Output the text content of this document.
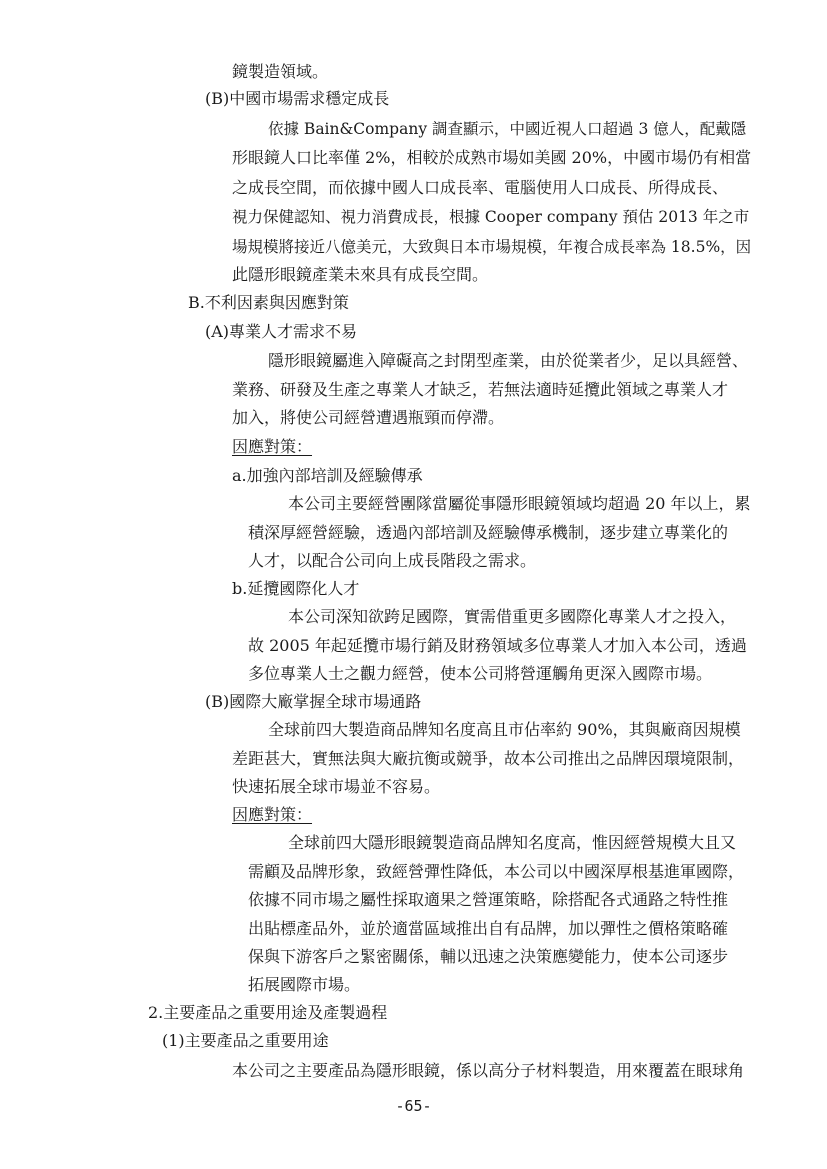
鏡製造領域。
(B)中國市場需求穩定成長
依據 Bain&Company 調查顯示，中國近視人口超過 3 億人，配戴隱
形眼鏡人口比率僅 2%，相較於成熟市場如美國 20%，中國市場仍有相當
之成長空間，而依據中國人口成長率、電腦使用人口成長、所得成長、
視力保健認知、視力消費成長，根據 Cooper company 預估 2013 年之市
場規模將接近八億美元，大致與日本市場規模，年複合成長率為 18.5%，因
此隱形眼鏡產業未來具有成長空間。
B.不利因素與因應對策
(A)專業人才需求不易
隱形眼鏡屬進入障礙高之封閉型產業，由於從業者少，足以具經營、
業務、研發及生產之專業人才缺乏，若無法適時延攬此領域之專業人才
加入，將使公司經營遭遇瓶頸而停滯。
因應對策：
a.加強內部培訓及經驗傳承
本公司主要經營團隊當屬從事隱形眼鏡領域均超過 20 年以上，累
積深厚經營經驗，透過內部培訓及經驗傳承機制，逐步建立專業化的
人才，以配合公司向上成長階段之需求。
b.延攬國際化人才
本公司深知欲跨足國際，實需借重更多國際化專業人才之投入，
故 2005 年起延攬市場行銷及財務領域多位專業人才加入本公司，透過
多位專業人士之觀力經營，使本公司將營運觸角更深入國際市場。
(B)國際大廠掌握全球市場通路
全球前四大製造商品牌知名度高且市佔率約 90%，其與廠商因規模
差距甚大，實無法與大廠抗衡或競爭，故本公司推出之品牌因環境限制，
快速拓展全球市場並不容易。
因應對策：
全球前四大隱形眼鏡製造商品牌知名度高，惟因經營規模大且又
需顧及品牌形象，致經營彈性降低，本公司以中國深厚根基進軍國際，
依據不同市場之屬性採取適果之營運策略，除搭配各式通路之特性推
出貼標產品外，並於適當區域推出自有品牌，加以彈性之價格策略確
保與下游客戶之緊密關係，輔以迅速之決策應變能力，使本公司逐步
拓展國際市場。
2.主要產品之重要用途及產製過程
(1)主要產品之重要用途
本公司之主要產品為隱形眼鏡，係以高分子材料製造，用來覆蓋在眼球角
-65-
